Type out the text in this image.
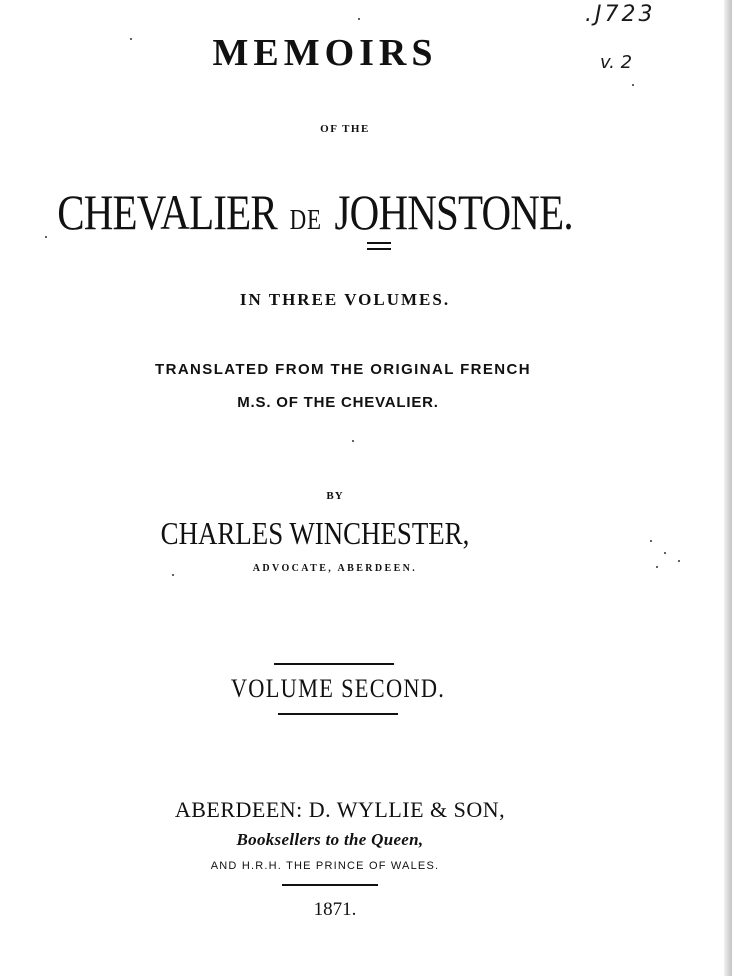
.J723
v. 2
MEMOIRS
OF THE
CHEVALIER DE JOHNSTONE.
IN THREE VOLUMES.
TRANSLATED FROM THE ORIGINAL FRENCH
M.S. OF THE CHEVALIER.
BY
CHARLES WINCHESTER,
ADVOCATE, ABERDEEN.
VOLUME SECOND.
ABERDEEN: D. WYLLIE & SON,
Booksellers to the Queen,
AND H.R.H. THE PRINCE OF WALES.
1871.
